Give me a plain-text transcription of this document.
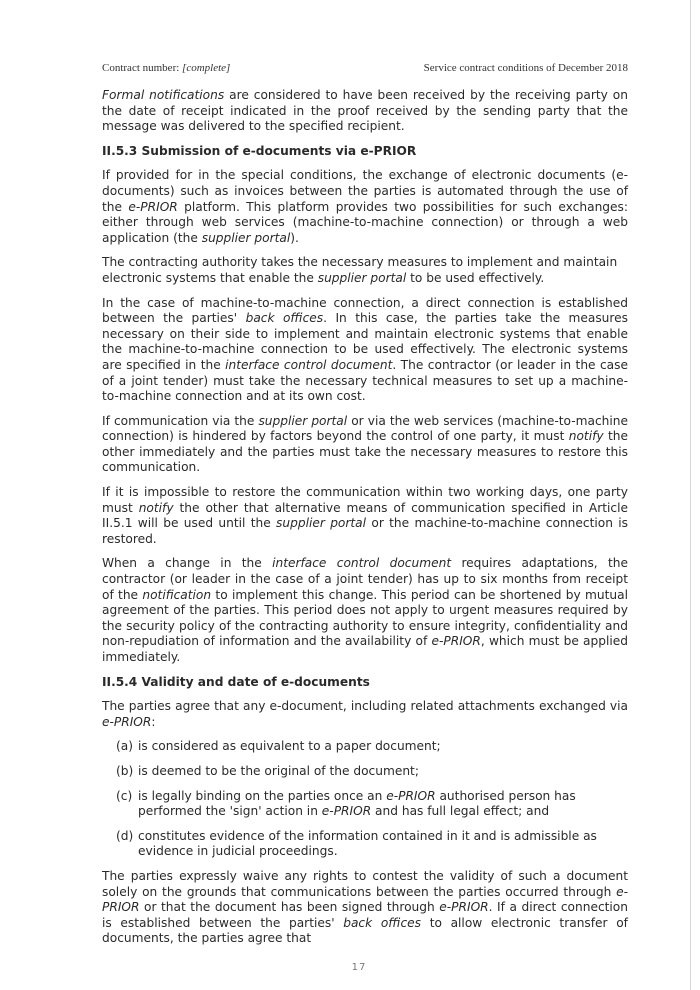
Contract number: [complete]	Service contract conditions of December 2018

Formal notifications are considered to have been received by the receiving party on the date of receipt indicated in the proof received by the sending party that the message was delivered to the specified recipient.

II.5.3 Submission of e-documents via e-PRIOR

If provided for in the special conditions, the exchange of electronic documents (e-documents) such as invoices between the parties is automated through the use of the e-PRIOR platform. This platform provides two possibilities for such exchanges: either through web services (machine-to-machine connection) or through a web application (the supplier portal).

The contracting authority takes the necessary measures to implement and maintain electronic systems that enable the supplier portal to be used effectively.

In the case of machine-to-machine connection, a direct connection is established between the parties' back offices. In this case, the parties take the measures necessary on their side to implement and maintain electronic systems that enable the machine-to-machine connection to be used effectively. The electronic systems are specified in the interface control document. The contractor (or leader in the case of a joint tender) must take the necessary technical measures to set up a machine-to-machine connection and at its own cost.

If communication via the supplier portal or via the web services (machine-to-machine connection) is hindered by factors beyond the control of one party, it must notify the other immediately and the parties must take the necessary measures to restore this communication.

If it is impossible to restore the communication within two working days, one party must notify the other that alternative means of communication specified in Article II.5.1 will be used until the supplier portal or the machine-to-machine connection is restored.

When a change in the interface control document requires adaptations, the contractor (or leader in the case of a joint tender) has up to six months from receipt of the notification to implement this change. This period can be shortened by mutual agreement of the parties. This period does not apply to urgent measures required by the security policy of the contracting authority to ensure integrity, confidentiality and non-repudiation of information and the availability of e-PRIOR, which must be applied immediately.

II.5.4 Validity and date of e-documents

The parties agree that any e-document, including related attachments exchanged via e-PRIOR:

(a) is considered as equivalent to a paper document;
(b) is deemed to be the original of the document;
(c) is legally binding on the parties once an e-PRIOR authorised person has performed the 'sign' action in e-PRIOR and has full legal effect; and
(d) constitutes evidence of the information contained in it and is admissible as evidence in judicial proceedings.

The parties expressly waive any rights to contest the validity of such a document solely on the grounds that communications between the parties occurred through e-PRIOR or that the document has been signed through e-PRIOR. If a direct connection is established between the parties' back offices to allow electronic transfer of documents, the parties agree that

17
